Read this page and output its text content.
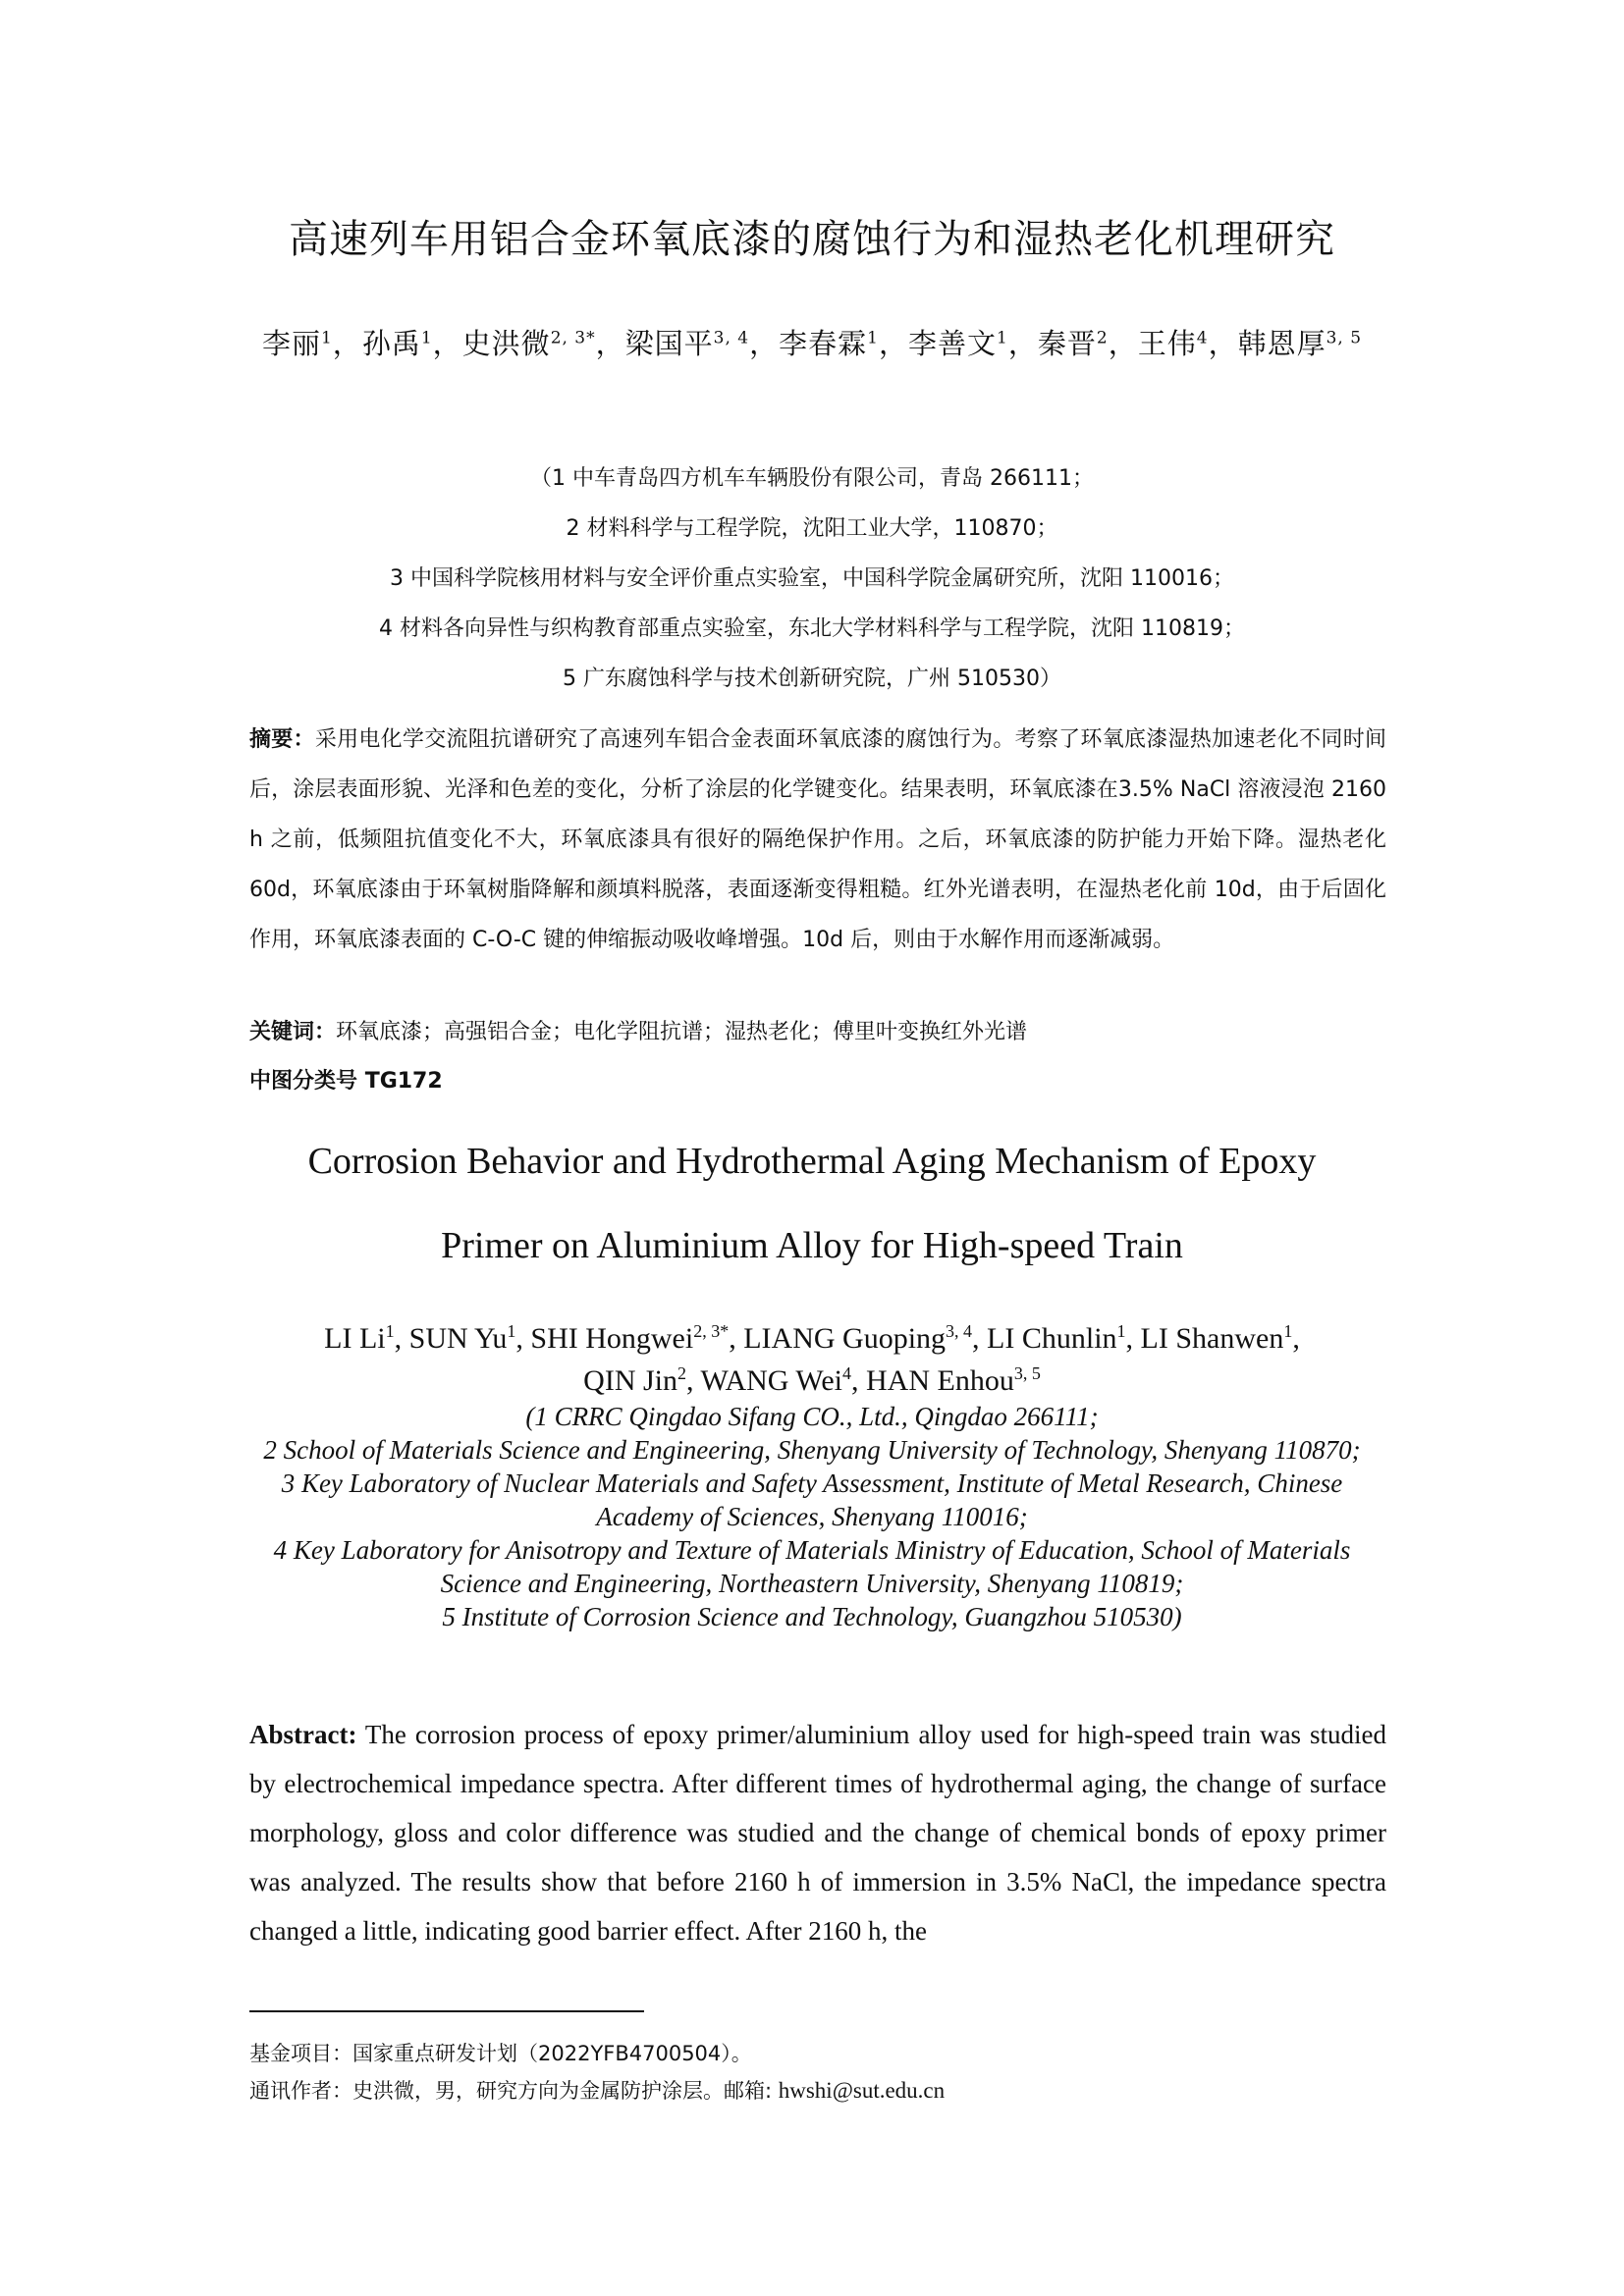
高速列车用铝合金环氧底漆的腐蚀行为和湿热老化机理研究
李丽$^1$，孙禹$^1$，史洪微$^{2, 3*}$，梁国平$^{3, 4}$，李春霖$^1$，李善文$^1$，秦晋$^2$，王伟$^4$，韩恩厚$^{3, 5}$
（1 中车青岛四方机车车辆股份有限公司，青岛 266111；
2 材料科学与工程学院，沈阳工业大学，110870；
3 中国科学院核用材料与安全评价重点实验室，中国科学院金属研究所，沈阳 110016；
4 材料各向异性与织构教育部重点实验室，东北大学材料科学与工程学院，沈阳 110819；
5 广东腐蚀科学与技术创新研究院，广州 510530）
摘要：采用电化学交流阻抗谱研究了高速列车铝合金表面环氧底漆的腐蚀行为。考察了环氧底漆湿热加速老化不同时间后，涂层表面形貌、光泽和色差的变化，分析了涂层的化学键变化。结果表明，环氧底漆在3.5% NaCl 溶液浸泡 2160 h 之前，低频阻抗值变化不大，环氧底漆具有很好的隔绝保护作用。之后，环氧底漆的防护能力开始下降。湿热老化 60d，环氧底漆由于环氧树脂降解和颜填料脱落，表面逐渐变得粗糙。红外光谱表明，在湿热老化前 10d，由于后固化作用，环氧底漆表面的 C-O-C 键的伸缩振动吸收峰增强。10d 后，则由于水解作用而逐渐减弱。
关键词：环氧底漆；高强铝合金；电化学阻抗谱；湿热老化；傅里叶变换红外光谱
中图分类号 TG172
Corrosion Behavior and Hydrothermal Aging Mechanism of Epoxy
Primer on Aluminium Alloy for High-speed Train
LI Li$^1$, SUN Yu$^1$, SHI Hongwei$^{2, 3*}$, LIANG Guoping$^{3, 4}$, LI Chunlin$^1$, LI Shanwen$^1$, QIN Jin$^2$, WANG Wei$^4$, HAN Enhou$^{3, 5}$
(1 CRRC Qingdao Sifang CO., Ltd., Qingdao 266111;
2 School of Materials Science and Engineering, Shenyang University of Technology, Shenyang 110870;
3 Key Laboratory of Nuclear Materials and Safety Assessment, Institute of Metal Research, Chinese Academy of Sciences, Shenyang 110016;
4 Key Laboratory for Anisotropy and Texture of Materials Ministry of Education, School of Materials Science and Engineering, Northeastern University, Shenyang 110819;
5 Institute of Corrosion Science and Technology, Guangzhou 510530)
Abstract: The corrosion process of epoxy primer/aluminium alloy used for high-speed train was studied by electrochemical impedance spectra. After different times of hydrothermal aging, the change of surface morphology, gloss and color difference was studied and the change of chemical bonds of epoxy primer was analyzed. The results show that before 2160 h of immersion in 3.5% NaCl, the impedance spectra changed a little, indicating good barrier effect. After 2160 h, the
基金项目：国家重点研发计划（2022YFB4700504）。
通讯作者：史洪微，男，研究方向为金属防护涂层。邮箱: hwshi@sut.edu.cn
